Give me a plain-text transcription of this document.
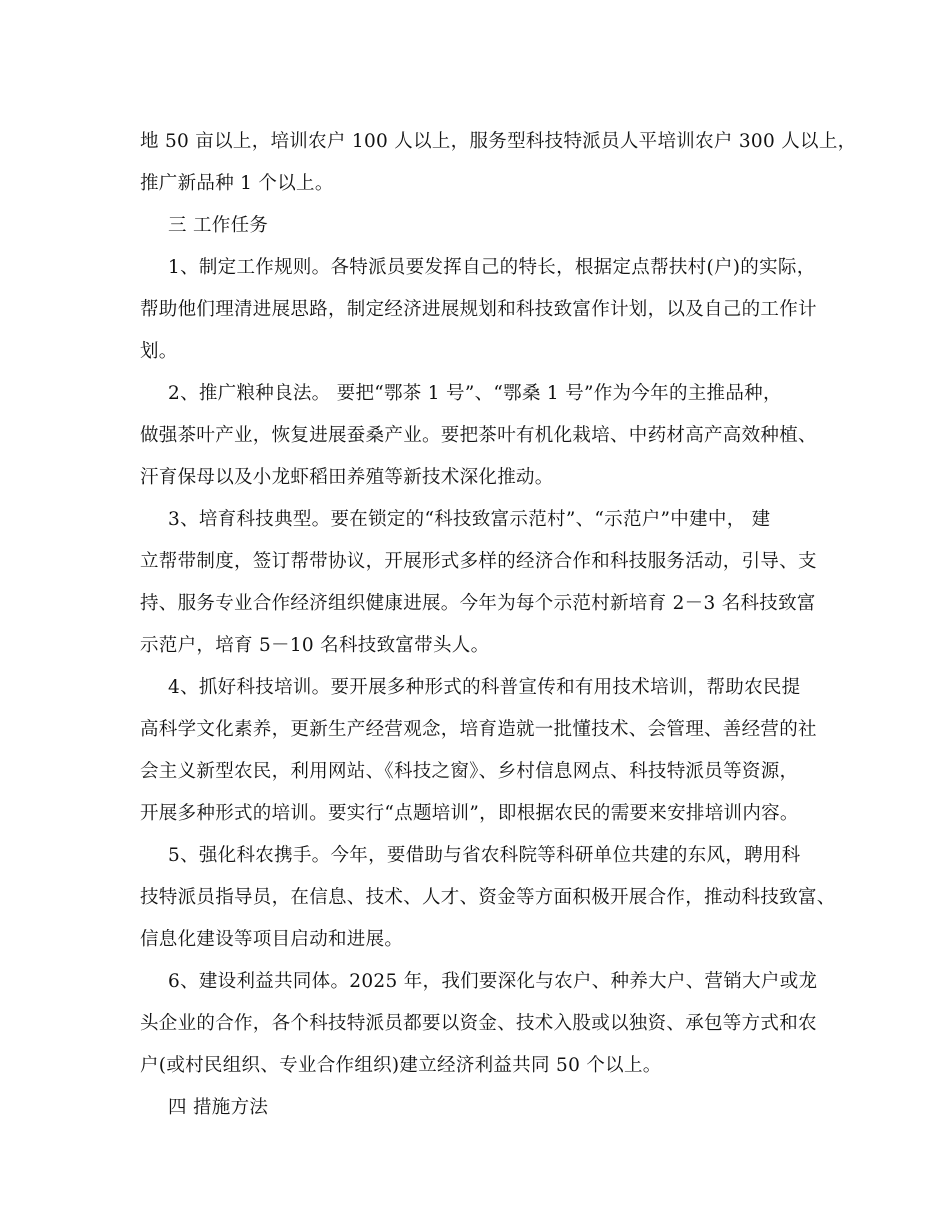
地 50 亩以上，培训农户 100 人以上，服务型科技特派员人平培训农户 300 人以上，
推广新品种 1 个以上。
三 工作任务
1、制定工作规则。各特派员要发挥自己的特长，根据定点帮扶村(户)的实际，
帮助他们理清进展思路，制定经济进展规划和科技致富作计划，以及自己的工作计
划。
2、推广粮种良法。 要把“鄂茶 1 号”、“鄂桑 1 号”作为今年的主推品种，
做强茶叶产业，恢复进展蚕桑产业。要把茶叶有机化栽培、中药材高产高效种植、
汗育保母以及小龙虾稻田养殖等新技术深化推动。
3、培育科技典型。要在锁定的“科技致富示范村”、“示范户”中建中， 建
立帮带制度，签订帮带协议，开展形式多样的经济合作和科技服务活动，引导、支
持、服务专业合作经济组织健康进展。今年为每个示范村新培育 2－3 名科技致富
示范户，培育 5－10 名科技致富带头人。
4、抓好科技培训。要开展多种形式的科普宣传和有用技术培训，帮助农民提
高科学文化素养，更新生产经营观念，培育造就一批懂技术、会管理、善经营的社
会主义新型农民，利用网站、《科技之窗》、乡村信息网点、科技特派员等资源，
开展多种形式的培训。要实行“点题培训”，即根据农民的需要来安排培训内容。
5、强化科农携手。今年，要借助与省农科院等科研单位共建的东风，聘用科
技特派员指导员，在信息、技术、人才、资金等方面积极开展合作，推动科技致富、
信息化建设等项目启动和进展。
6、建设利益共同体。2025 年，我们要深化与农户、种养大户、营销大户或龙
头企业的合作，各个科技特派员都要以资金、技术入股或以独资、承包等方式和农
户(或村民组织、专业合作组织)建立经济利益共同 50 个以上。
四 措施方法
